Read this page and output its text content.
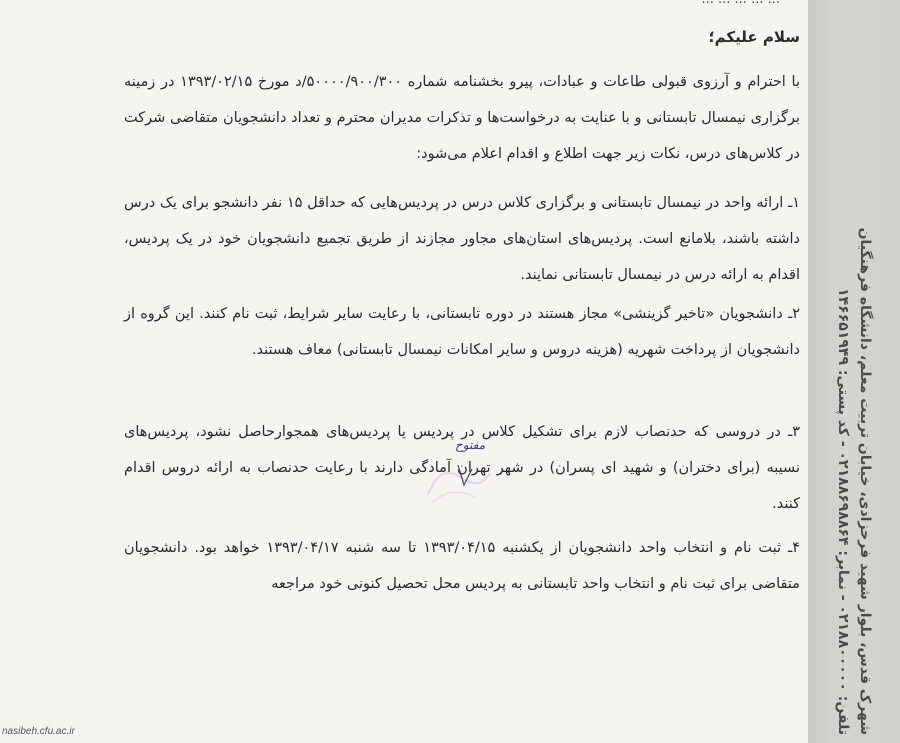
سلام علیکم؛
با احترام و آرزوی قبولی طاعات و عبادات، پیرو بخشنامه شماره ۵۰۰۰۰/۹۰۰/۳۰۰/د مورخ ۱۳۹۳/۰۲/۱۵ در زمینه برگزاری نیمسال تابستانی و با عنایت به درخواست‌ها و تذکرات مدیران محترم و تعداد دانشجویان متقاضی شرکت در کلاس‌های درس، نکات زیر جهت اطلاع و اقدام اعلام می‌شود:
۱ـ ارائه واحد در نیمسال تابستانی و برگزاری کلاس درس در پردیس‌هایی که حداقل ۱۵ نفر دانشجو برای یک درس داشته باشند، بلامانع است. پردیس‌های استان‌های مجاور مجازند از طریق تجمیع دانشجویان خود در یک پردیس، اقدام به ارائه درس در نیمسال تابستانی نمایند.
۲ـ دانشجویان «تاخیر گزینشی» مجاز هستند در دوره تابستانی، با رعایت سایر شرایط، ثبت نام کنند. این گروه از دانشجویان از پرداخت شهریه (هزینه دروس و سایر امکانات نیمسال تابستانی) معاف هستند.
۳ـ در دروسی که حدنصاب لازم برای تشکیل کلاس در پردیس یا پردیس‌های همجوارحاصل نشود، پردیس‌های نسیبه (برای دختران) و شهید ای پسران) در شهر تهران آمادگی دارند با رعایت حدنصاب به ارائه دروس اقدام کنند.
۴ـ ثبت نام و انتخاب واحد دانشجویان از یکشنبه ۱۳۹۳/۰۴/۱۵ تا سه شنبه ۱۳۹۳/۰۴/۱۷ خواهد بود. دانشجویان متقاضی برای ثبت نام و انتخاب واحد تابستانی به پردیس محل تحصیل کنونی خود مراجعه
مفتوح	شهرک قدس، بلوار شهید فرحزادی، خیابان تربیت معلم، دانشگاه فرهنگیان
تلفن: ۰۲۱۸۸۰۰۰۰۰ - نمابر: ۰۲۱۸۸۶۹۸۸۶۴ - کد پستی: ۱۴۶۶۵۱۹۴۹
nasibeh.cfu.ac.ir
